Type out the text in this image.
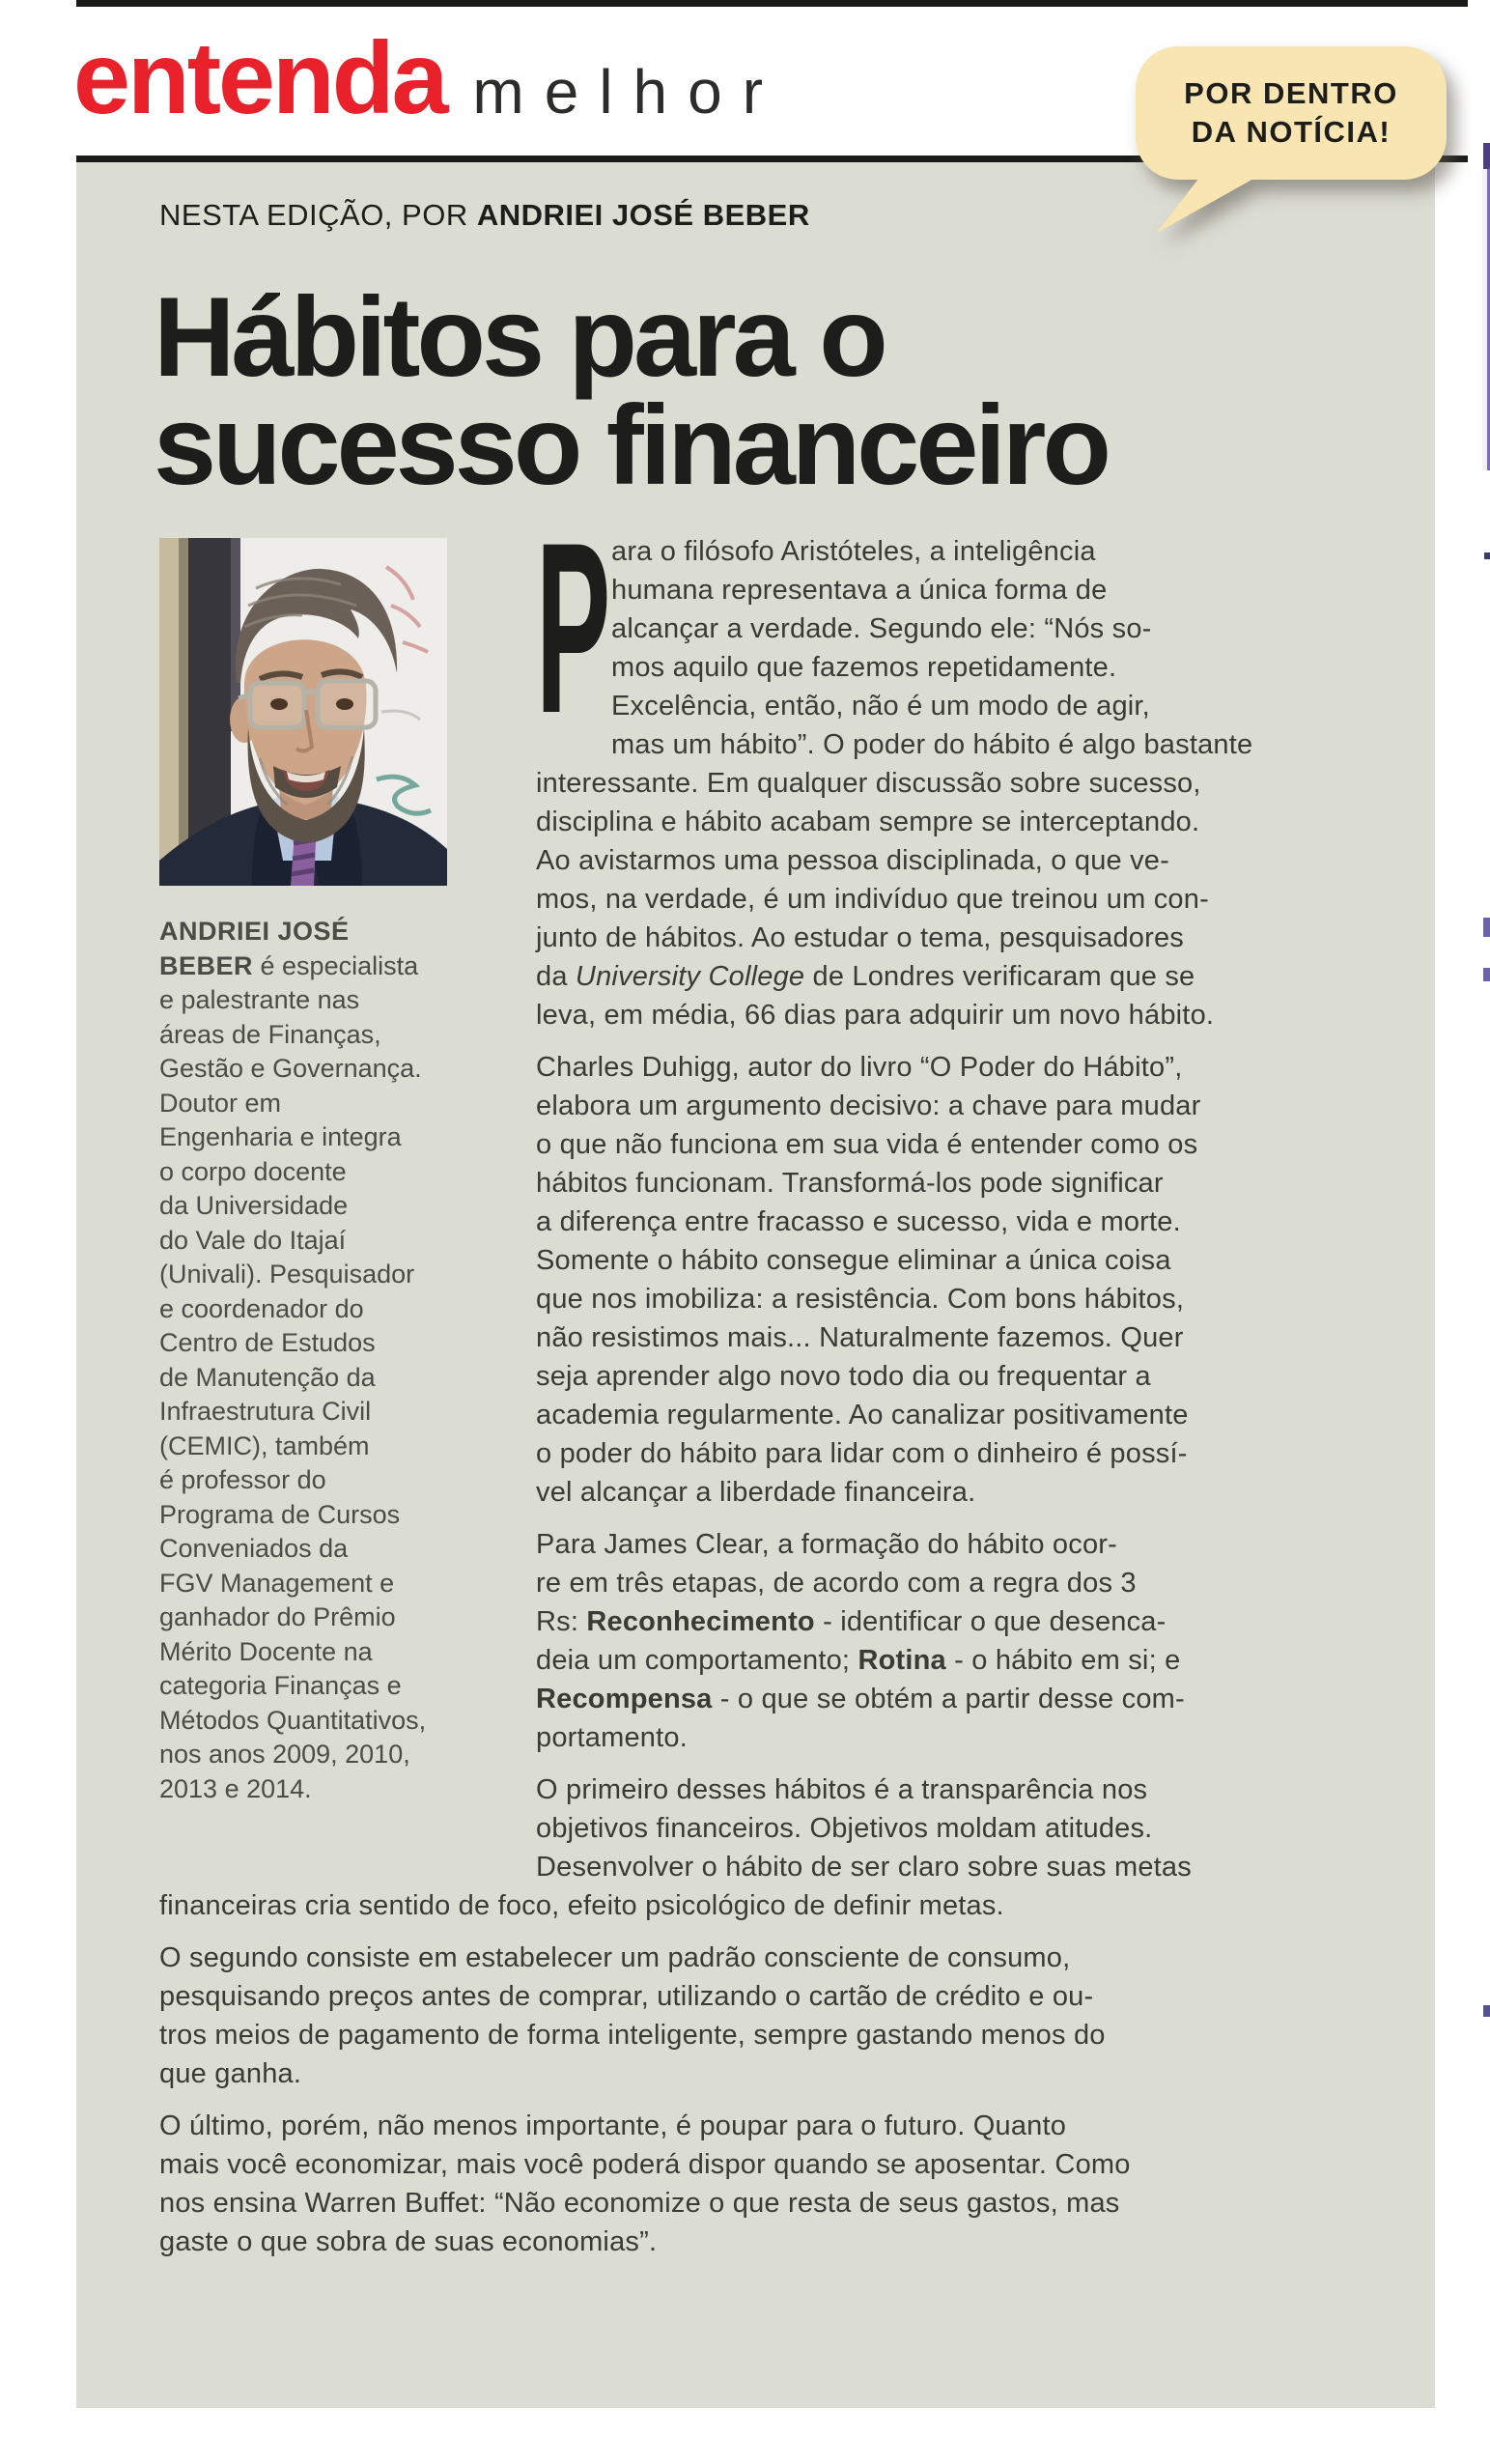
entenda melhor	POR DENTRO
DA NOTÍCIA!
NESTA EDIÇÃO, POR ANDRIEI JOSÉ BEBER
Hábitos para o
sucesso financeiro
ANDRIEI JOSÉ
BEBER é especialista
e palestrante nas
áreas de Finanças,
Gestão e Governança.
Doutor em
Engenharia e integra
o corpo docente
da Universidade
do Vale do Itajaí
(Univali). Pesquisador
e coordenador do
Centro de Estudos
de Manutenção da
Infraestrutura Civil
(CEMIC), também
é professor do
Programa de Cursos
Conveniados da
FGV Management e
ganhador do Prêmio
Mérito Docente na
categoria Finanças e
Métodos Quantitativos,
nos anos 2009, 2010,
2013 e 2014.
P ara o filósofo Aristóteles, a inteligência
humana representava a única forma de
alcançar a verdade. Segundo ele: “Nós so-
mos aquilo que fazemos repetidamente.
Excelência, então, não é um modo de agir,
mas um hábito”. O poder do hábito é algo bastante
interessante. Em qualquer discussão sobre sucesso,
disciplina e hábito acabam sempre se interceptando.
Ao avistarmos uma pessoa disciplinada, o que ve-
mos, na verdade, é um indivíduo que treinou um con-
junto de hábitos. Ao estudar o tema, pesquisadores
da University College de Londres verificaram que se
leva, em média, 66 dias para adquirir um novo hábito.
Charles Duhigg, autor do livro “O Poder do Hábito”,
elabora um argumento decisivo: a chave para mudar
o que não funciona em sua vida é entender como os
hábitos funcionam. Transformá-los pode significar
a diferença entre fracasso e sucesso, vida e morte.
Somente o hábito consegue eliminar a única coisa
que nos imobiliza: a resistência. Com bons hábitos,
não resistimos mais... Naturalmente fazemos. Quer
seja aprender algo novo todo dia ou frequentar a
academia regularmente. Ao canalizar positivamente
o poder do hábito para lidar com o dinheiro é possí-
vel alcançar a liberdade financeira.
Para James Clear, a formação do hábito ocor-
re em três etapas, de acordo com a regra dos 3
Rs: Reconhecimento - identificar o que desenca-
deia um comportamento; Rotina - o hábito em si; e
Recompensa - o que se obtém a partir desse com-
portamento.
O primeiro desses hábitos é a transparência nos
objetivos financeiros. Objetivos moldam atitudes.
Desenvolver o hábito de ser claro sobre suas metas
financeiras cria sentido de foco, efeito psicológico de definir metas.
O segundo consiste em estabelecer um padrão consciente de consumo,
pesquisando preços antes de comprar, utilizando o cartão de crédito e ou-
tros meios de pagamento de forma inteligente, sempre gastando menos do
que ganha.
O último, porém, não menos importante, é poupar para o futuro. Quanto
mais você economizar, mais você poderá dispor quando se aposentar. Como
nos ensina Warren Buffet: “Não economize o que resta de seus gastos, mas
gaste o que sobra de suas economias”.
